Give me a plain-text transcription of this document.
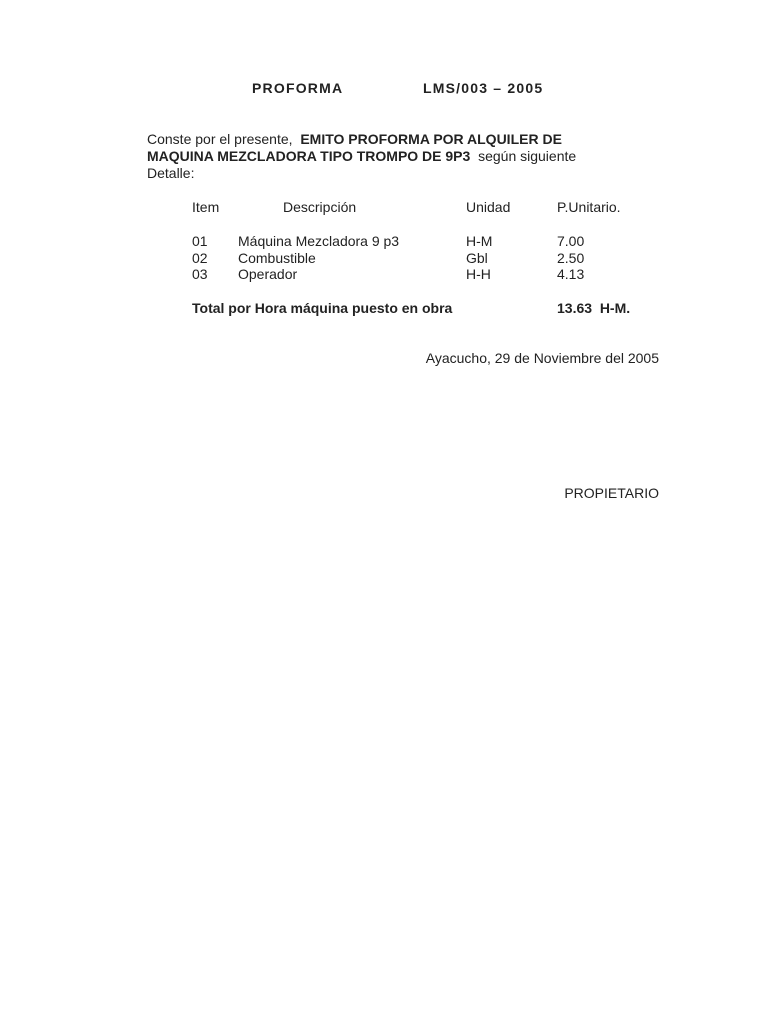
PROFORMA	LMS/003 – 2005
Conste por el presente, EMITO PROFORMA POR ALQUILER DE MAQUINA MEZCLADORA TIPO TROMPO DE 9P3 según siguiente Detalle:
Item	Descripción	Unidad	P.Unitario.
01 Máquina Mezcladora 9 p3	H-M	7.00
02 Combustible	Gbl	2.50
03 Operador	H-H	4.13
Total por Hora máquina puesto en obra	13.63  H-M.
Ayacucho, 29 de Noviembre del 2005
PROPIETARIO
